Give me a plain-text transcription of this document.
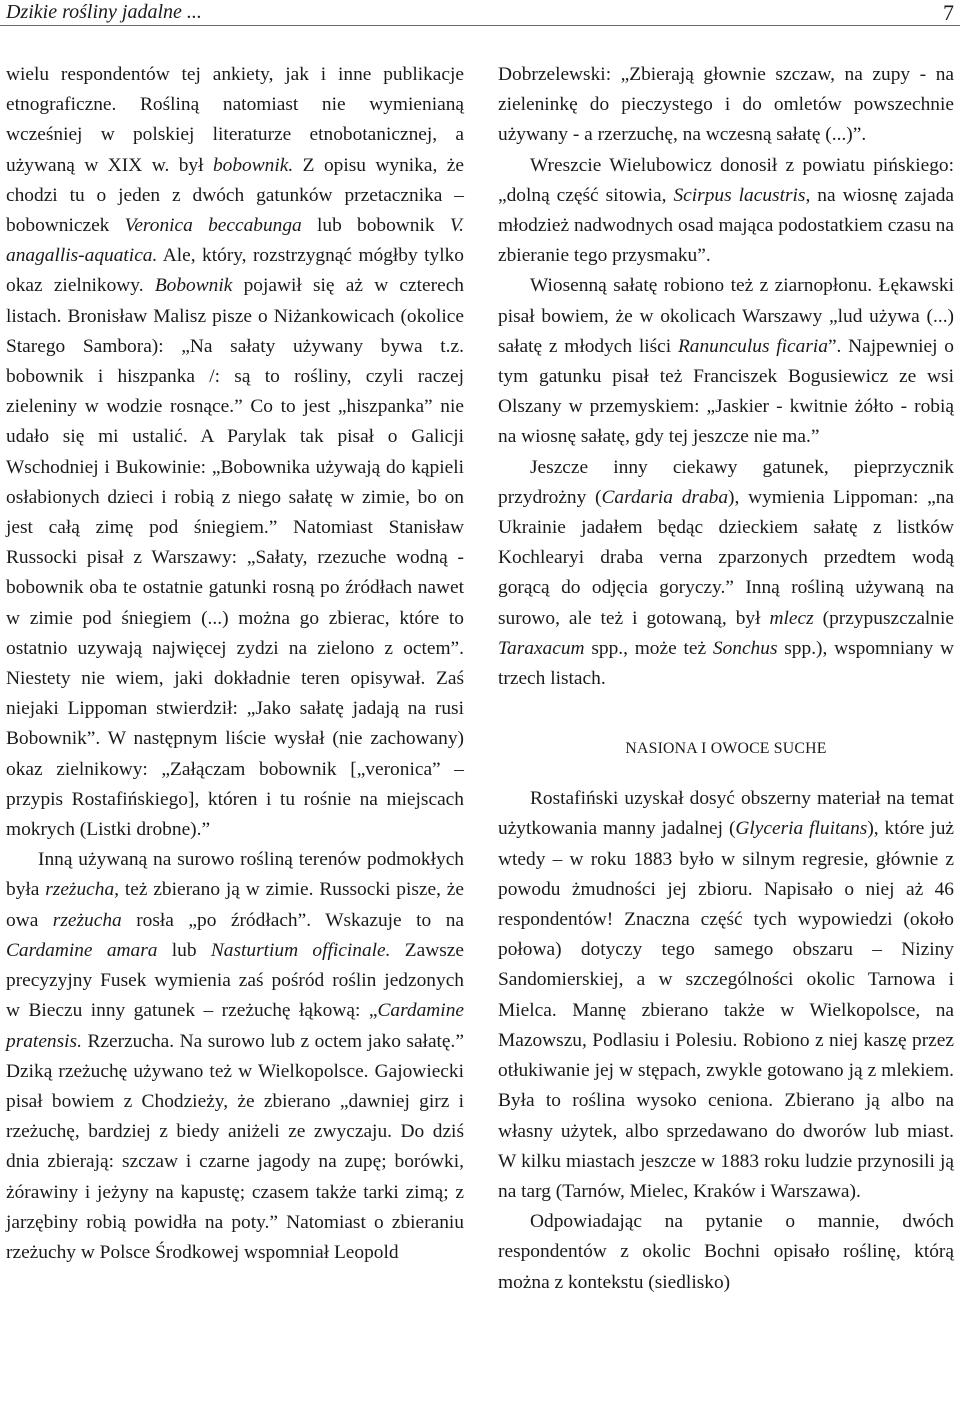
Dzikie rośliny jadalne ...	7

wielu respondentów tej ankiety, jak i inne publikacje etnograficzne. Rośliną natomiast nie wymienianą wcześniej w polskiej literaturze etnobotanicznej, a używaną w XIX w. był bobownik. Z opisu wynika, że chodzi tu o jeden z dwóch gatunków przetacznika – bobowniczek Veronica beccabunga lub bobownik V. anagallis-aquatica. Ale, który, rozstrzygnąć mógłby tylko okaz zielnikowy. Bobownik pojawił się aż w czterech listach. Bronisław Malisz pisze o Niżankowicach (okolice Starego Sambora): „Na sałaty używany bywa t.z. bobownik i hiszpanka /: są to rośliny, czyli raczej zieleniny w wodzie rosnące.” Co to jest „hiszpanka” nie udało się mi ustalić. A Parylak tak pisał o Galicji Wschodniej i Bukowinie: „Bobownika używają do kąpieli osłabionych dzieci i robią z niego sałatę w zimie, bo on jest całą zimę pod śniegiem.” Natomiast Stanisław Russocki pisał z Warszawy: „Sałaty, rzezuche wodną - bobownik oba te ostatnie gatunki rosną po źródłach nawet w zimie pod śniegiem (...) można go zbierac, które to ostatnio uzywają najwięcej zydzi na zielono z octem”. Niestety nie wiem, jaki dokładnie teren opisywał. Zaś niejaki Lippoman stwierdził: „Jako sałatę jadają na rusi Bobownik”. W następnym liście wysłał (nie zachowany) okaz zielnikowy: „Załączam bobownik [„veronica” – przypis Rostafińskiego], któren i tu rośnie na miejscach mokrych (Listki drobne).”

Inną używaną na surowo rośliną terenów podmokłych była rzeżucha, też zbierano ją w zimie. Russocki pisze, że owa rzeżucha rosła „po źródłach”. Wskazuje to na Cardamine amara lub Nasturtium officinale. Zawsze precyzyjny Fusek wymienia zaś pośród roślin jedzonych w Bieczu inny gatunek – rzeżuchę łąkową: „Cardamine pratensis. Rzerzucha. Na surowo lub z octem jako sałatę.” Dziką rzeżuchę używano też w Wielkopolsce. Gajowiecki pisał bowiem z Chodzieży, że zbierano „dawniej girz i rzeżuchę, bardziej z biedy aniżeli ze zwyczaju. Do dziś dnia zbierają: szczaw i czarne jagody na zupę; borówki, żórawiny i jeżyny na kapustę; czasem także tarki zimą; z jarzębiny robią powidła na poty.” Natomiast o zbieraniu rzeżuchy w Polsce Środkowej wspomniał Leopold

Dobrzelewski: „Zbierają głownie szczaw, na zupy - na zieleninkę do pieczystego i do omletów powszechnie używany - a rzerzuchę, na wczesną sałatę (...)”.

Wreszcie Wielubowicz donosił z powiatu pińskiego: „dolną część sitowia, Scirpus lacustris, na wiosnę zajada młodzież nadwodnych osad mająca podostatkiem czasu na zbieranie tego przysmaku”.

Wiosenną sałatę robiono też z ziarnopłonu. Łękawski pisał bowiem, że w okolicach Warszawy „lud używa (...) sałatę z młodych liści Ranunculus ficaria”. Najpewniej o tym gatunku pisał też Franciszek Bogusiewicz ze wsi Olszany w przemyskiem: „Jaskier - kwitnie żółto - robią na wiosnę sałatę, gdy tej jeszcze nie ma.”

Jeszcze inny ciekawy gatunek, pieprzycznik przydrożny (Cardaria draba), wymienia Lippoman: „na Ukrainie jadałem będąc dzieckiem sałatę z listków Kochlearyi draba verna zparzonych przedtem wodą gorącą do odjęcia goryczy.” Inną rośliną używaną na surowo, ale też i gotowaną, był mlecz (przypuszczalnie Taraxacum spp., może też Sonchus spp.), wspomniany w trzech listach.

NASIONA I OWOCE SUCHE

Rostafiński uzyskał dosyć obszerny materiał na temat użytkowania manny jadalnej (Glyceria fluitans), które już wtedy – w roku 1883 było w silnym regresie, głównie z powodu żmudności jej zbioru. Napisało o niej aż 46 respondentów! Znaczna część tych wypowiedzi (około połowa) dotyczy tego samego obszaru – Niziny Sandomierskiej, a w szczególności okolic Tarnowa i Mielca. Mannę zbierano także w Wielkopolsce, na Mazowszu, Podlasiu i Polesiu. Robiono z niej kaszę przez otłukiwanie jej w stępach, zwykle gotowano ją z mlekiem. Była to roślina wysoko ceniona. Zbierano ją albo na własny użytek, albo sprzedawano do dworów lub miast. W kilku miastach jeszcze w 1883 roku ludzie przynosili ją na targ (Tarnów, Mielec, Kraków i Warszawa).

Odpowiadając na pytanie o mannie, dwóch respondentów z okolic Bochni opisało roślinę, którą można z kontekstu (siedlisko)
